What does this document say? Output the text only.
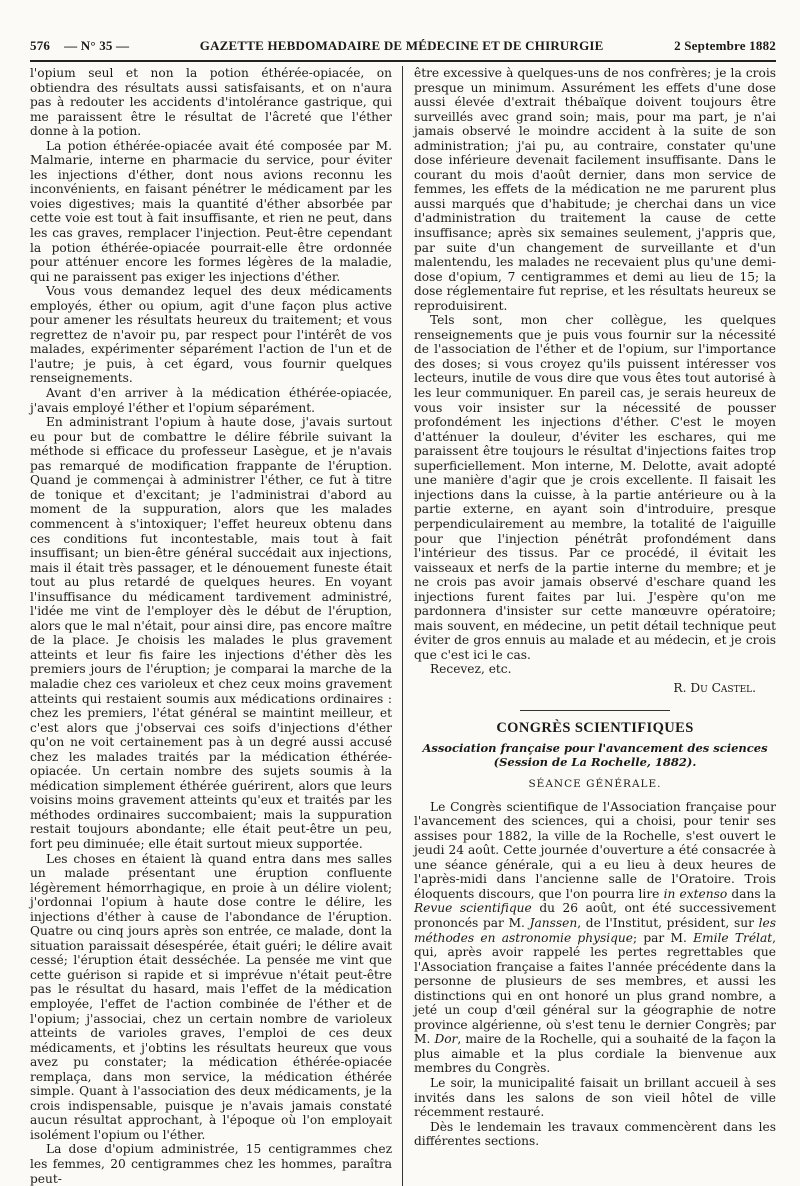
576 — N° 35 —	GAZETTE HEBDOMADAIRE DE MÉDECINE ET DE CHIRURGIE	2 Septembre 1882

l'opium seul et non la potion éthérée-opiacée, on obtiendra des résultats aussi satisfaisants, et on n'aura pas à redouter les accidents d'intolérance gastrique, qui me paraissent être le résultat de l'âcreté que l'éther donne à la potion.

La potion éthérée-opiacée avait été composée par M. Malmarie, interne en pharmacie du service, pour éviter les injections d'éther, dont nous avions reconnu les inconvénients, en faisant pénétrer le médicament par les voies digestives; mais la quantité d'éther absorbée par cette voie est tout à fait insuffisante, et rien ne peut, dans les cas graves, remplacer l'injection. Peut-être cependant la potion éthérée-opiacée pourrait-elle être ordonnée pour atténuer encore les formes légères de la maladie, qui ne paraissent pas exiger les injections d'éther.

Vous vous demandez lequel des deux médicaments employés, éther ou opium, agit d'une façon plus active pour amener les résultats heureux du traitement; et vous regrettez de n'avoir pu, par respect pour l'intérêt de vos malades, expérimenter séparément l'action de l'un et de l'autre; je puis, à cet égard, vous fournir quelques renseignements.

Avant d'en arriver à la médication éthérée-opiacée, j'avais employé l'éther et l'opium séparément.

En administrant l'opium à haute dose, j'avais surtout eu pour but de combattre le délire fébrile suivant la méthode si efficace du professeur Lasègue, et je n'avais pas remarqué de modification frappante de l'éruption. Quand je commençai à administrer l'éther, ce fut à titre de tonique et d'excitant; je l'administrai d'abord au moment de la suppuration, alors que les malades commencent à s'intoxiquer; l'effet heureux obtenu dans ces conditions fut incontestable, mais tout à fait insuffisant; un bien-être général succédait aux injections, mais il était très passager, et le dénouement funeste était tout au plus retardé de quelques heures. En voyant l'insuffisance du médicament tardivement administré, l'idée me vint de l'employer dès le début de l'éruption, alors que le mal n'était, pour ainsi dire, pas encore maître de la place. Je choisis les malades le plus gravement atteints et leur fis faire les injections d'éther dès les premiers jours de l'éruption; je comparai la marche de la maladie chez ces varioleux et chez ceux moins gravement atteints qui restaient soumis aux médications ordinaires : chez les premiers, l'état général se maintint meilleur, et c'est alors que j'observai ces soifs d'injections d'éther qu'on ne voit certainement pas à un degré aussi accusé chez les malades traités par la médication éthérée-opiacée. Un certain nombre des sujets soumis à la médication simplement éthérée guérirent, alors que leurs voisins moins gravement atteints qu'eux et traités par les méthodes ordinaires succombaient; mais la suppuration restait toujours abondante; elle était peut-être un peu, fort peu diminuée; elle était surtout mieux supportée.

Les choses en étaient là quand entra dans mes salles un malade présentant une éruption confluente légèrement hémorrhagique, en proie à un délire violent; j'ordonnai l'opium à haute dose contre le délire, les injections d'éther à cause de l'abondance de l'éruption. Quatre ou cinq jours après son entrée, ce malade, dont la situation paraissait désespérée, était guéri; le délire avait cessé; l'éruption était desséchée. La pensée me vint que cette guérison si rapide et si imprévue n'était peut-être pas le résultat du hasard, mais l'effet de la médication employée, l'effet de l'action combinée de l'éther et de l'opium; j'associai, chez un certain nombre de varioleux atteints de varioles graves, l'emploi de ces deux médicaments, et j'obtins les résultats heureux que vous avez pu constater; la médication éthérée-opiacée remplaça, dans mon service, la médication éthérée simple. Quant à l'association des deux médicaments, je la crois indispensable, puisque je n'avais jamais constaté aucun résultat approchant, à l'époque où l'on employait isolément l'opium ou l'éther.

La dose d'opium administrée, 15 centigrammes chez les femmes, 20 centigrammes chez les hommes, paraîtra peut-

être excessive à quelques-uns de nos confrères; je la crois presque un minimum. Assurément les effets d'une dose aussi élevée d'extrait thébaïque doivent toujours être surveillés avec grand soin; mais, pour ma part, je n'ai jamais observé le moindre accident à la suite de son administration; j'ai pu, au contraire, constater qu'une dose inférieure devenait facilement insuffisante. Dans le courant du mois d'août dernier, dans mon service de femmes, les effets de la médication ne me parurent plus aussi marqués que d'habitude; je cherchai dans un vice d'administration du traitement la cause de cette insuffisance; après six semaines seulement, j'appris que, par suite d'un changement de surveillante et d'un malentendu, les malades ne recevaient plus qu'une demi-dose d'opium, 7 centigrammes et demi au lieu de 15; la dose réglementaire fut reprise, et les résultats heureux se reproduisirent.

Tels sont, mon cher collègue, les quelques renseignements que je puis vous fournir sur la nécessité de l'association de l'éther et de l'opium, sur l'importance des doses; si vous croyez qu'ils puissent intéresser vos lecteurs, inutile de vous dire que vous êtes tout autorisé à les leur communiquer. En pareil cas, je serais heureux de vous voir insister sur la nécessité de pousser profondément les injections d'éther. C'est le moyen d'atténuer la douleur, d'éviter les eschares, qui me paraissent être toujours le résultat d'injections faites trop superficiellement. Mon interne, M. Delotte, avait adopté une manière d'agir que je crois excellente. Il faisait les injections dans la cuisse, à la partie antérieure ou à la partie externe, en ayant soin d'introduire, presque perpendiculairement au membre, la totalité de l'aiguille pour que l'injection pénétrât profondément dans l'intérieur des tissus. Par ce procédé, il évitait les vaisseaux et nerfs de la partie interne du membre; et je ne crois pas avoir jamais observé d'eschare quand les injections furent faites par lui. J'espère qu'on me pardonnera d'insister sur cette manœuvre opératoire; mais souvent, en médecine, un petit détail technique peut éviter de gros ennuis au malade et au médecin, et je crois que c'est ici le cas.

Recevez, etc.

R. Du Castel.
CONGRÈS SCIENTIFIQUES
Association française pour l'avancement des sciences
(Session de La Rochelle, 1882).
SÉANCE GÉNÉRALE.

Le Congrès scientifique de l'Association française pour l'avancement des sciences, qui a choisi, pour tenir ses assises pour 1882, la ville de la Rochelle, s'est ouvert le jeudi 24 août. Cette journée d'ouverture a été consacrée à une séance générale, qui a eu lieu à deux heures de l'après-midi dans l'ancienne salle de l'Oratoire. Trois éloquents discours, que l'on pourra lire in extenso dans la Revue scientifique du 26 août, ont été successivement prononcés par M. Janssen, de l'Institut, président, sur les méthodes en astronomie physique; par M. Emile Trélat, qui, après avoir rappelé les pertes regrettables que l'Association française a faites l'année précédente dans la personne de plusieurs de ses membres, et aussi les distinctions qui en ont honoré un plus grand nombre, a jeté un coup d'œil général sur la géographie de notre province algérienne, où s'est tenu le dernier Congrès; par M. Dor, maire de la Rochelle, qui a souhaité de la façon la plus aimable et la plus cordiale la bienvenue aux membres du Congrès.

Le soir, la municipalité faisait un brillant accueil à ses invités dans les salons de son vieil hôtel de ville récemment restauré.

Dès le lendemain les travaux commencèrent dans les différentes sections.
